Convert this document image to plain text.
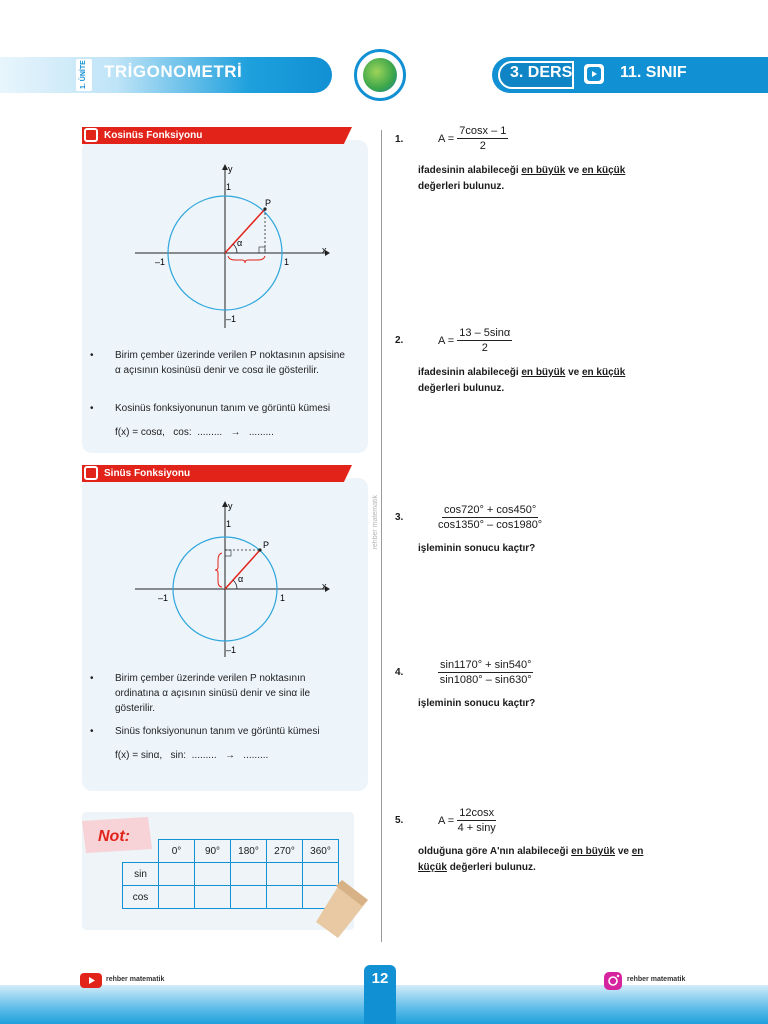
1. ÜNİTE	TRİGONOMETRİ	3. DERS	11. SINIF
Kosinüs Fonksiyonu
y
x
1
–1
1
–1
P
α
• Birim çember üzerinde verilen P noktasının apsisine α açısının kosinüsü denir ve cosα ile gösterilir.
• Kosinüs fonksiyonunun tanım ve görüntü kümesi
f(x) = cosα,   cos:  .........   →   .........
Sinüs Fonksiyonu
y
x
1
–1
1
–1
P
α
• Birim çember üzerinde verilen P noktasının ordinatına α açısının sinüsü denir ve sinα ile gösterilir.
• Sinüs fonksiyonunun tanım ve görüntü kümesi
f(x) = sinα,   sin:  .........   →   .........
Not:
	0°	90°	180°	270°	360°
sin					
cos					
rehber matematik
1.	A =
$\frac{7\cos x - 1}{2}$
ifadesinin alabileceği en büyük ve en küçük
değerleri bulunuz.
2.	A =
$\frac{13 - 5\sin\alpha}{2}$
ifadesinin alabileceği en büyük ve en küçük
değerleri bulunuz.
3.	$\frac{\cos 720^\circ + \cos 450^\circ}{\cos 1350^\circ - \cos 1980^\circ}$
işleminin sonucu kaçtır?
4.	$\frac{\sin 1170^\circ + \sin 540^\circ}{\sin 1080^\circ - \sin 630^\circ}$
işleminin sonucu kaçtır?
5.	A =
$\frac{12\cos x}{4 + \sin y}$
olduğuna göre A'nın alabileceği en büyük ve en
küçük değerleri bulunuz.
12
rehber matematik	rehber matematik
